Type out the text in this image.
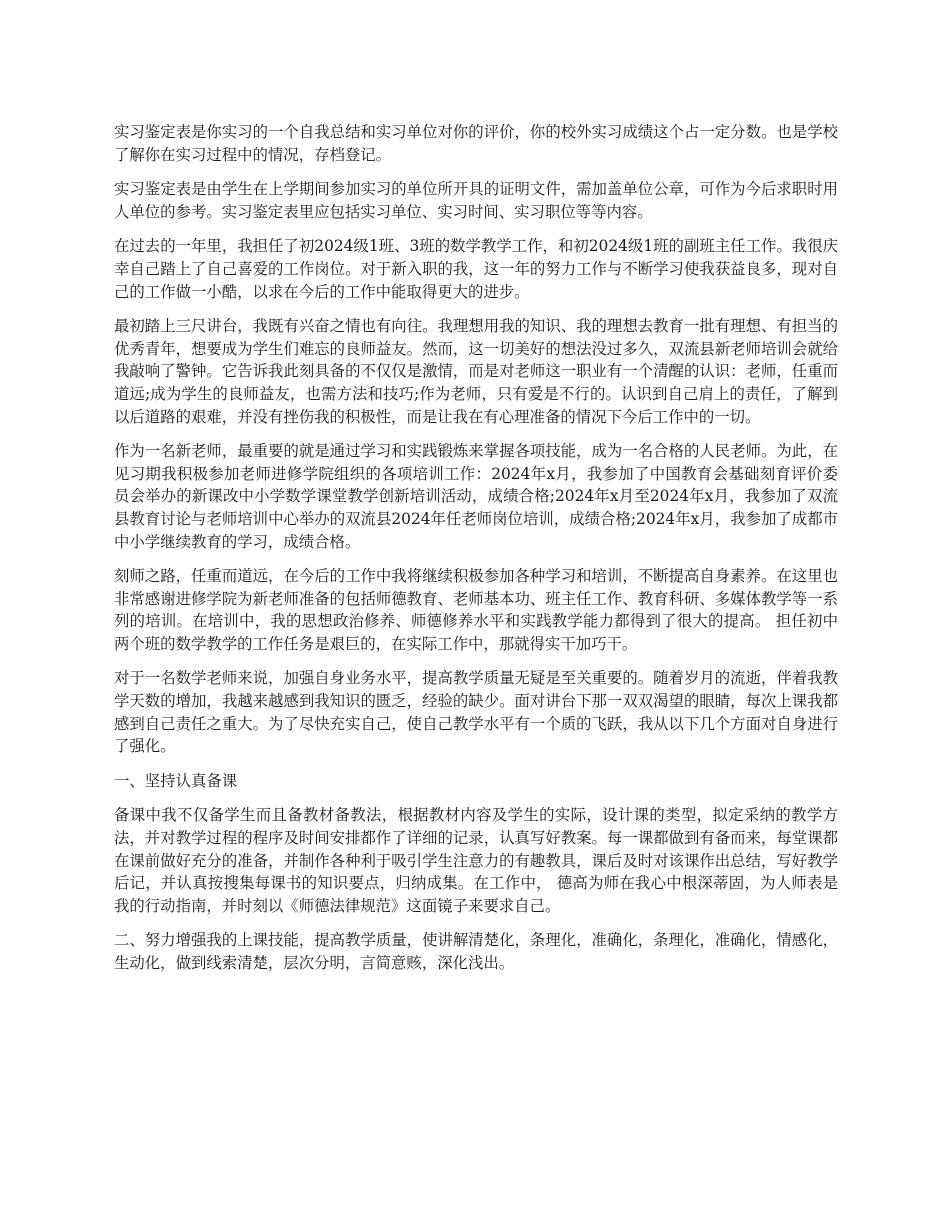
实习鉴定表是你实习的一个自我总结和实习单位对你的评价，你的校外实习成绩这个占一定分数。也是学校了解你在实习过程中的情况，存档登记。

实习鉴定表是由学生在上学期间参加实习的单位所开具的证明文件，需加盖单位公章，可作为今后求职时用人单位的参考。实习鉴定表里应包括实习单位、实习时间、实习职位等等内容。

在过去的一年里，我担任了初2024级1班、3班的数学教学工作，和初2024级1班的副班主任工作。我很庆幸自己踏上了自己喜爱的工作岗位。对于新入职的我，这一年的努力工作与不断学习使我获益良多，现对自己的工作做一小酷，以求在今后的工作中能取得更大的进步。

最初踏上三尺讲台，我既有兴奋之情也有向往。我理想用我的知识、我的理想去教育一批有理想、有担当的优秀青年，想要成为学生们难忘的良师益友。然而，这一切美好的想法没过多久，双流县新老师培训会就给我敲响了警钟。它告诉我此刻具备的不仅仅是激情，而是对老师这一职业有一个清醒的认识：老师，任重而道远;成为学生的良师益友，也需方法和技巧;作为老师，只有爱是不行的。认识到自己肩上的责任，了解到以后道路的艰难，并没有挫伤我的积极性，而是让我在有心理准备的情况下今后工作中的一切。

作为一名新老师，最重要的就是通过学习和实践锻炼来掌握各项技能，成为一名合格的人民老师。为此，在见习期我积极参加老师进修学院组织的各项培训工作：2024年x月，我参加了中国教育会基础刻育评价委员会举办的新课改中小学数学课堂教学创新培训活动，成绩合格;2024年x月至2024年x月，我参加了双流县教育讨论与老师培训中心举办的双流县2024年任老师岗位培训，成绩合格;2024年x月，我参加了成都市中小学继续教育的学习，成绩合格。

刻师之路，任重而道远，在今后的工作中我将继续积极参加各种学习和培训，不断提高自身素养。在这里也非常感谢进修学院为新老师准备的包括师德教育、老师基本功、班主任工作、教育科研、多媒体教学等一系列的培训。在培训中，我的思想政治修养、师德修养水平和实践教学能力都得到了很大的提高。 担任初中两个班的数学教学的工作任务是艰巨的，在实际工作中，那就得实干加巧干。

对于一名数学老师来说，加强自身业务水平，提高教学质量无疑是至关重要的。随着岁月的流逝，伴着我教学天数的增加，我越来越感到我知识的匮乏，经验的缺少。面对讲台下那一双双渴望的眼睛，每次上课我都感到自己责任之重大。为了尽快充实自己，使自己教学水平有一个质的飞跃，我从以下几个方面对自身进行了强化。

一、坚持认真备课

备课中我不仅备学生而且备教材备教法，根据教材内容及学生的实际，设计课的类型，拟定采纳的教学方法，并对教学过程的程序及时间安排都作了详细的记录，认真写好教案。每一课都做到有备而来，每堂课都在课前做好充分的准备，并制作各种利于吸引学生注意力的有趣教具，课后及时对该课作出总结，写好教学后记，并认真按搜集每课书的知识要点，归纳成集。在工作中， 德高为师在我心中根深蒂固，为人师表是我的行动指南，并时刻以《师德法律规范》这面镜子来要求自己。

二、努力增强我的上课技能，提高教学质量，使讲解清楚化，条理化，准确化，条理化，准确化，情感化，生动化，做到线索清楚，层次分明，言简意赅，深化浅出。
